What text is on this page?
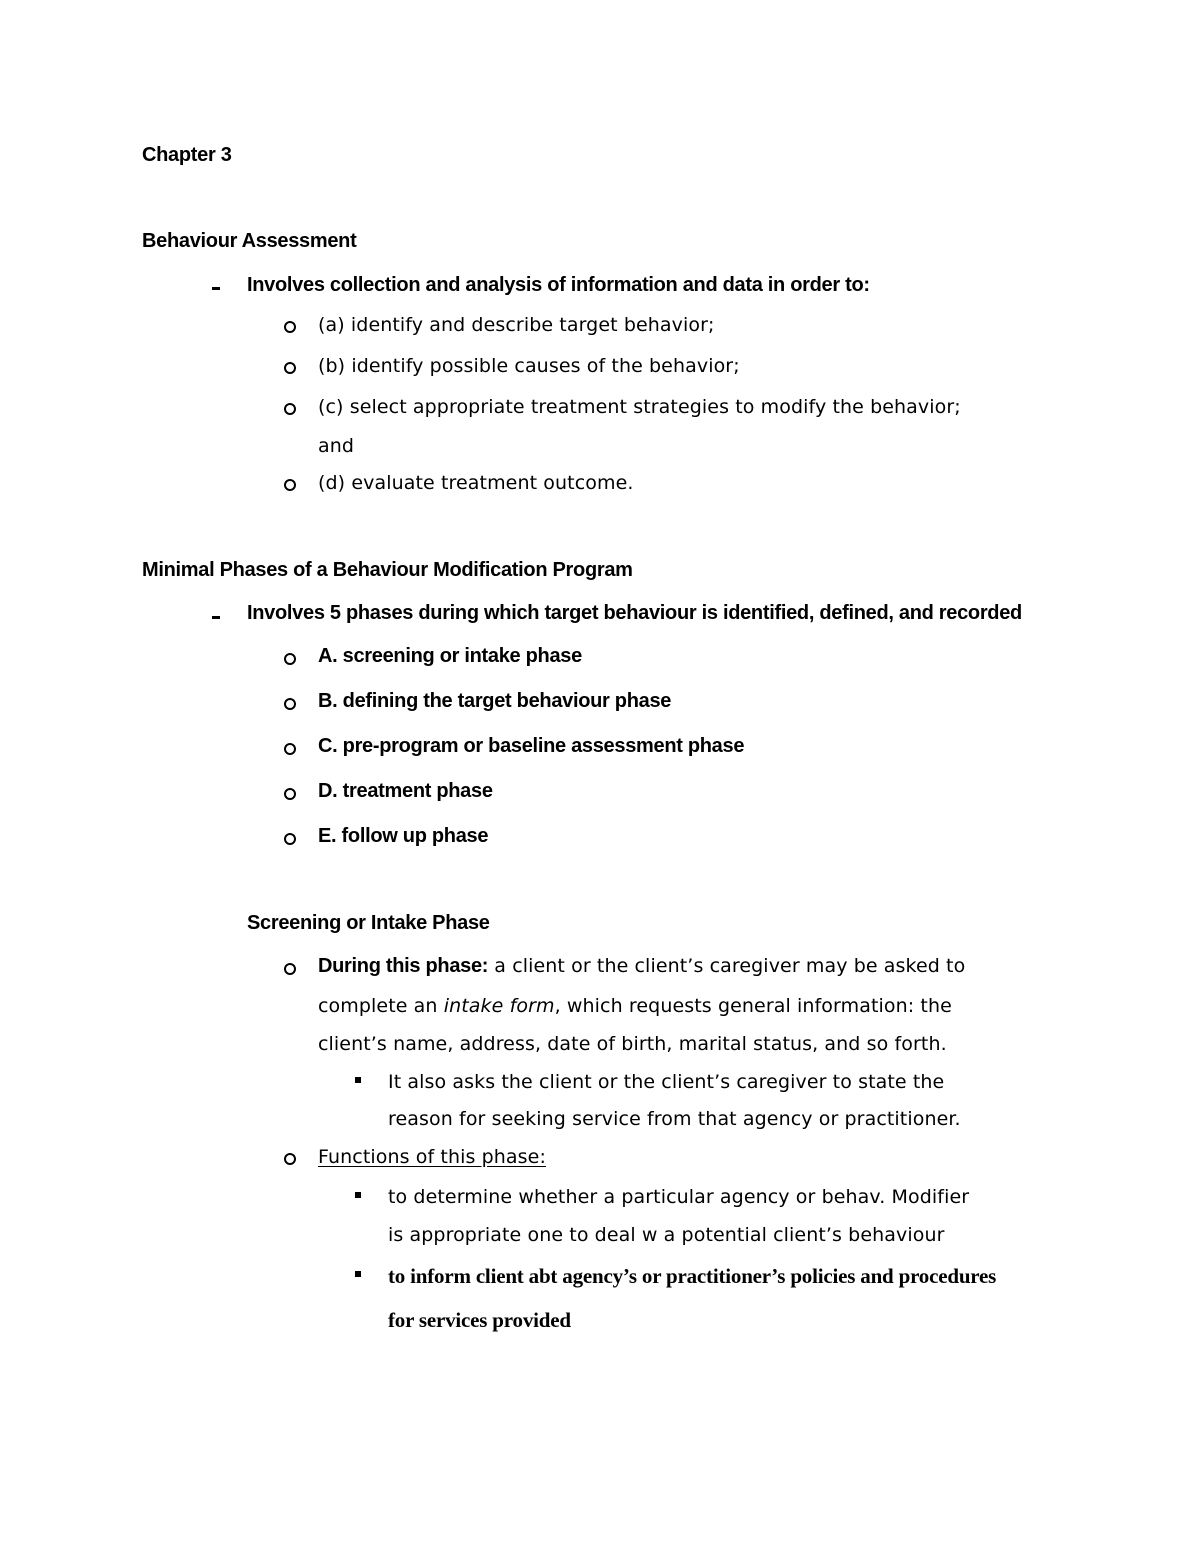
Chapter 3
Behaviour Assessment
Involves collection and analysis of information and data in order to:
(a) identify and describe target behavior;
(b) identify possible causes of the behavior;
(c) select appropriate treatment strategies to modify the behavior;
and
(d) evaluate treatment outcome.
Minimal Phases of a Behaviour Modification Program
Involves 5 phases during which target behaviour is identified, defined, and recorded
A. screening or intake phase
B. defining the target behaviour phase
C. pre-program or baseline assessment phase
D. treatment phase
E. follow up phase
Screening or Intake Phase
During this phase: a client or the client’s caregiver may be asked to
complete an intake form, which requests general information: the
client’s name, address, date of birth, marital status, and so forth.
It also asks the client or the client’s caregiver to state the
reason for seeking service from that agency or practitioner.
Functions of this phase:
to determine whether a particular agency or behav. Modifier
is appropriate one to deal w a potential client’s behaviour
to inform client abt agency’s or practitioner’s policies and procedures
for services provided
